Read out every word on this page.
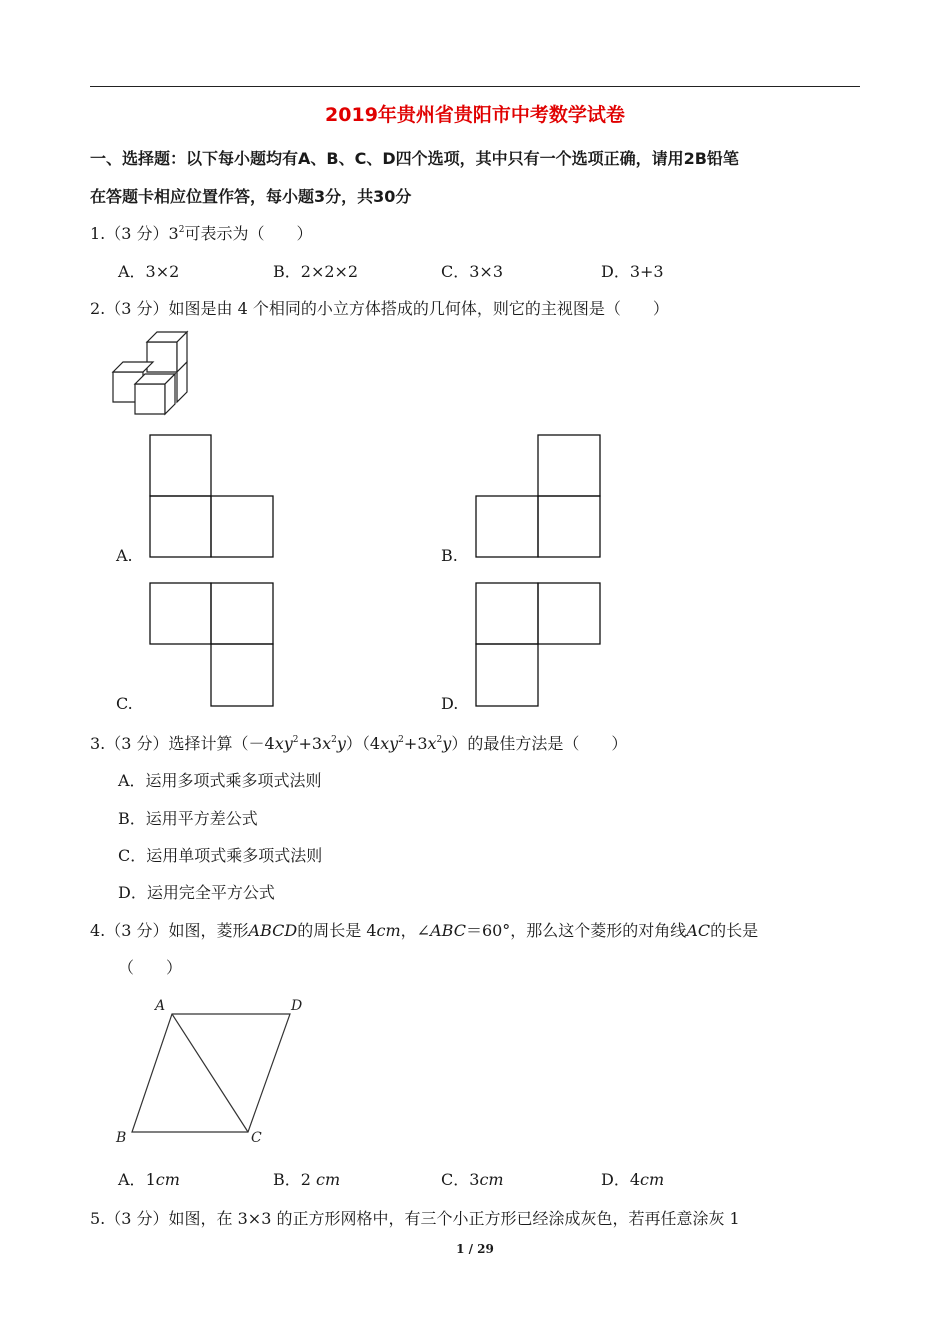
2019年贵州省贵阳市中考数学试卷
一、选择题：以下每小题均有A、B、C、D四个选项，其中只有一个选项正确，请用2B铅笔
在答题卡相应位置作答，每小题3分，共30分
1.（3 分）$3^2$可表示为（　　）
A．3×2	B．2×2×2	C．3×3	D．3+3
2.（3 分）如图是由 4 个相同的小立方体搭成的几何体，则它的主视图是（　　）
A.	B.
C.	D.
3.（3 分）选择计算$(-4xy^2+3x^2y)(4xy^2+3x^2y)$的最佳方法是（　　）
A．运用多项式乘多项式法则
B．运用平方差公式
C．运用单项式乘多项式法则
D．运用完全平方公式
4.（3 分）如图，菱形ABCD的周长是 4cm，∠ABC＝60°，那么这个菱形的对角线AC的长是
（　　）
A	D
B	C
A．1cm	B．2 cm	C．3cm	D．4cm
5.（3 分）如图，在 3×3 的正方形网格中，有三个小正方形已经涂成灰色，若再任意涂灰 1
1 / 29
